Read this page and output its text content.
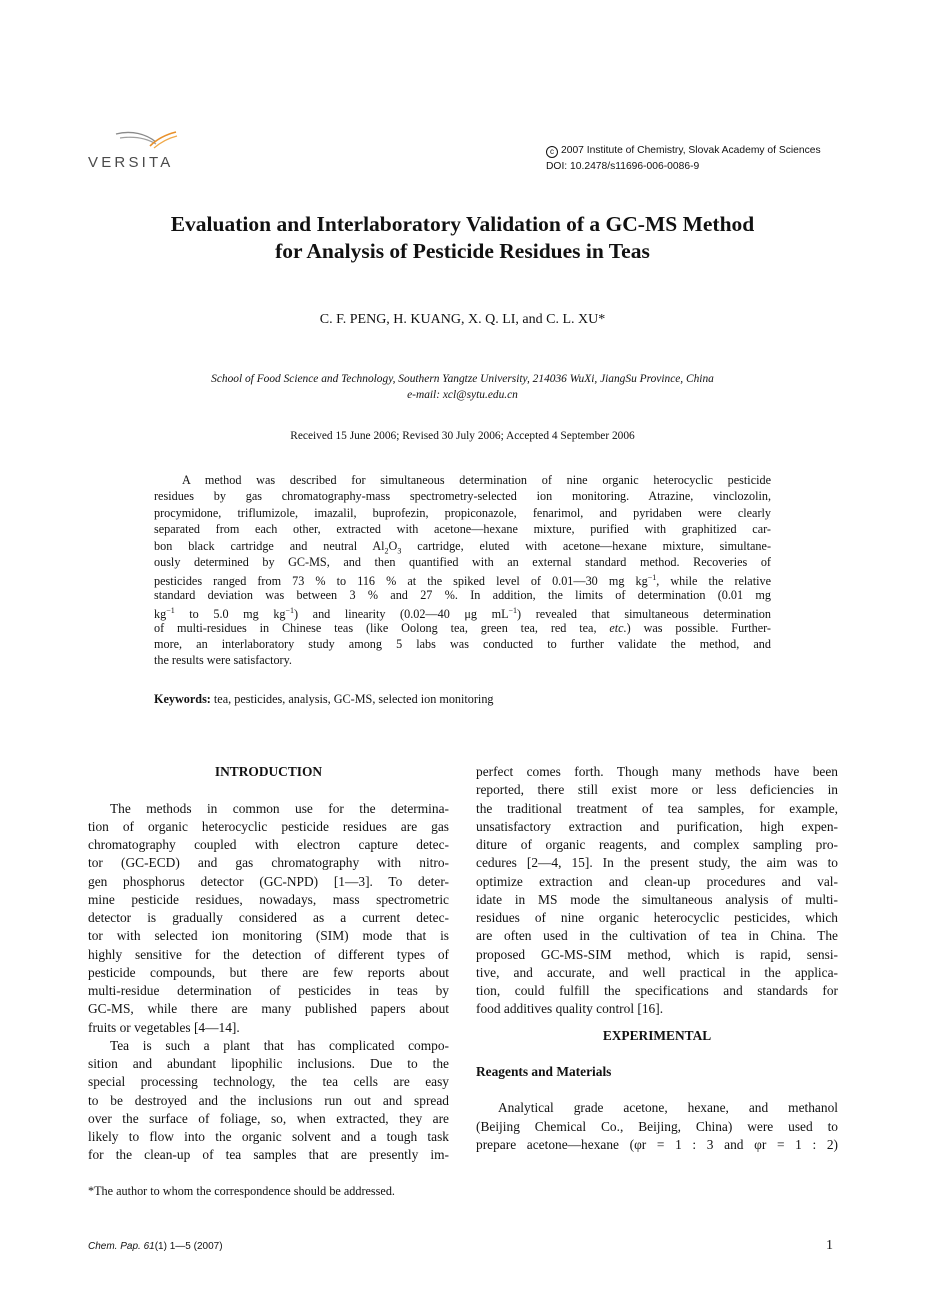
VERSITA
c 2007 Institute of Chemistry, Slovak Academy of Sciences
DOI: 10.2478/s11696-006-0086-9
Evaluation and Interlaboratory Validation of a GC-MS Method
for Analysis of Pesticide Residues in Teas
C. F. PENG, H. KUANG, X. Q. LI, and C. L. XU*
School of Food Science and Technology, Southern Yangtze University, 214036 WuXi, JiangSu Province, China
e-mail: xcl@sytu.edu.cn
Received 15 June 2006; Revised 30 July 2006; Accepted 4 September 2006
A method was described for simultaneous determination of nine organic heterocyclic pesticide
residues by gas chromatography-mass spectrometry-selected ion monitoring. Atrazine, vinclozolin,
procymidone, triflumizole, imazalil, buprofezin, propiconazole, fenarimol, and pyridaben were clearly
separated from each other, extracted with acetone—hexane mixture, purified with graphitized car-
bon black cartridge and neutral $Al_2O_3$ cartridge, eluted with acetone—hexane mixture, simultane-
ously determined by GC-MS, and then quantified with an external standard method. Recoveries of
pesticides ranged from 73 % to 116 % at the spiked level of 0.01—30 mg $kg^{-1}$, while the relative
standard deviation was between 3 % and 27 %. In addition, the limits of determination (0.01 mg
$kg^{-1}$ to 5.0 mg $kg^{-1}$) and linearity (0.02—40 μg $mL^{-1}$) revealed that simultaneous determination
of multi-residues in Chinese teas (like Oolong tea, green tea, red tea, etc.) was possible. Further-
more, an interlaboratory study among 5 labs was conducted to further validate the method, and
the results were satisfactory.
Keywords: tea, pesticides, analysis, GC-MS, selected ion monitoring
INTRODUCTION
The methods in common use for the determina-
tion of organic heterocyclic pesticide residues are gas
chromatography coupled with electron capture detec-
tor (GC-ECD) and gas chromatography with nitro-
gen phosphorus detector (GC-NPD) [1—3]. To deter-
mine pesticide residues, nowadays, mass spectrometric
detector is gradually considered as a current detec-
tor with selected ion monitoring (SIM) mode that is
highly sensitive for the detection of different types of
pesticide compounds, but there are few reports about
multi-residue determination of pesticides in teas by
GC-MS, while there are many published papers about
fruits or vegetables [4—14].
Tea is such a plant that has complicated compo-
sition and abundant lipophilic inclusions. Due to the
special processing technology, the tea cells are easy
to be destroyed and the inclusions run out and spread
over the surface of foliage, so, when extracted, they are
likely to flow into the organic solvent and a tough task
for the clean-up of tea samples that are presently im-
perfect comes forth. Though many methods have been
reported, there still exist more or less deficiencies in
the traditional treatment of tea samples, for example,
unsatisfactory extraction and purification, high expen-
diture of organic reagents, and complex sampling pro-
cedures [2—4, 15]. In the present study, the aim was to
optimize extraction and clean-up procedures and val-
idate in MS mode the simultaneous analysis of multi-
residues of nine organic heterocyclic pesticides, which
are often used in the cultivation of tea in China. The
proposed GC-MS-SIM method, which is rapid, sensi-
tive, and accurate, and well practical in the applica-
tion, could fulfill the specifications and standards for
food additives quality control [16].
EXPERIMENTAL
Reagents and Materials
Analytical grade acetone, hexane, and methanol
(Beijing Chemical Co., Beijing, China) were used to
prepare acetone—hexane (φr = 1 : 3 and φr = 1 : 2)
*The author to whom the correspondence should be addressed.
Chem. Pap. 61(1) 1—5 (2007)	1
